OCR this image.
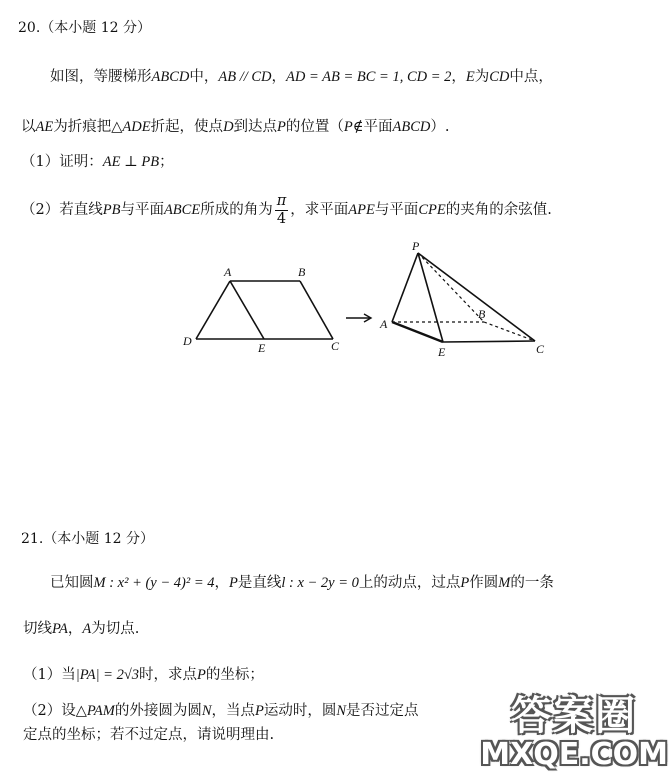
20.（本小题 12 分）
如图，等腰梯形ABCD中，AB // CD，AD = AB = BC = 1, CD = 2，E为CD中点，
以AE为折痕把△ADE折起，使点D到达点P的位置（P∉平面ABCD）.
（1）证明：AE ⊥ PB；
（2）若直线PB与平面ABCE所成的角为 $\frac{\pi}{4}$ ，求平面APE与平面CPE的夹角的余弦值.
A	B
C
D	E
P
A
B
C
E
21.（本小题 12 分）
已知圆M : x² + (y − 4)² = 4，P是直线l : x − 2y = 0上的动点，过点P作圆M的一条
切线PA，A为切点.
（1）当|PA| = 2√3时，求点P的坐标；
（2）设△PAM的外接圆为圆N，当点P运动时，圆N是否过定点
定点的坐标；若不过定点，请说明理由.	答案圈
MXQE.COM
